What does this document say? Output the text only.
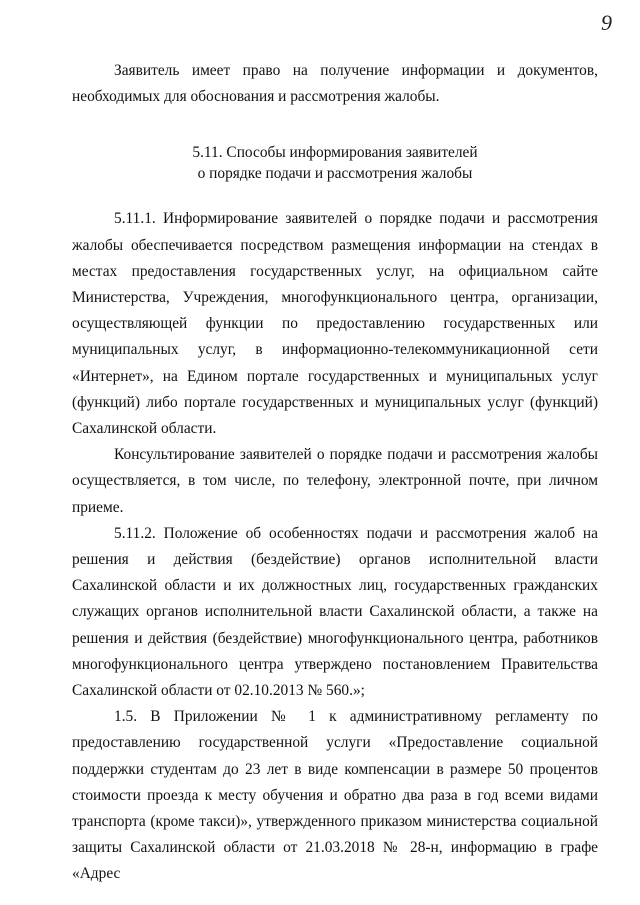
9

Заявитель имеет право на получение информации и документов, необходимых для обоснования и рассмотрения жалобы.

5.11. Способы информирования заявителей

о порядке подачи и рассмотрения жалобы

5.11.1. Информирование заявителей о порядке подачи и рассмотрения жалобы обеспечивается посредством размещения информации на стендах в местах предоставления государственных услуг, на официальном сайте Министерства, Учреждения, многофункционального центра, организации, осуществляющей функции по предоставлению государственных или муниципальных услуг, в информационно-телекоммуникационной сети «Интернет», на Едином портале государственных и муниципальных услуг (функций) либо портале государственных и муниципальных услуг (функций) Сахалинской области.

Консультирование заявителей о порядке подачи и рассмотрения жалобы осуществляется, в том числе, по телефону, электронной почте, при личном приеме.

5.11.2. Положение об особенностях подачи и рассмотрения жалоб на решения и действия (бездействие) органов исполнительной власти Сахалинской области и их должностных лиц, государственных гражданских служащих органов исполнительной власти Сахалинской области, а также на решения и действия (бездействие) многофункционального центра, работников многофункционального центра утверждено постановлением Правительства Сахалинской области от 02.10.2013 № 560.»;

1.5. В Приложении № 1 к административному регламенту по предоставлению государственной услуги «Предоставление социальной поддержки студентам до 23 лет в виде компенсации в размере 50 процентов стоимости проезда к месту обучения и обратно два раза в год всеми видами транспорта (кроме такси)», утвержденного приказом министерства социальной защиты Сахалинской области от 21.03.2018 № 28-н, информацию в графе «Адрес
